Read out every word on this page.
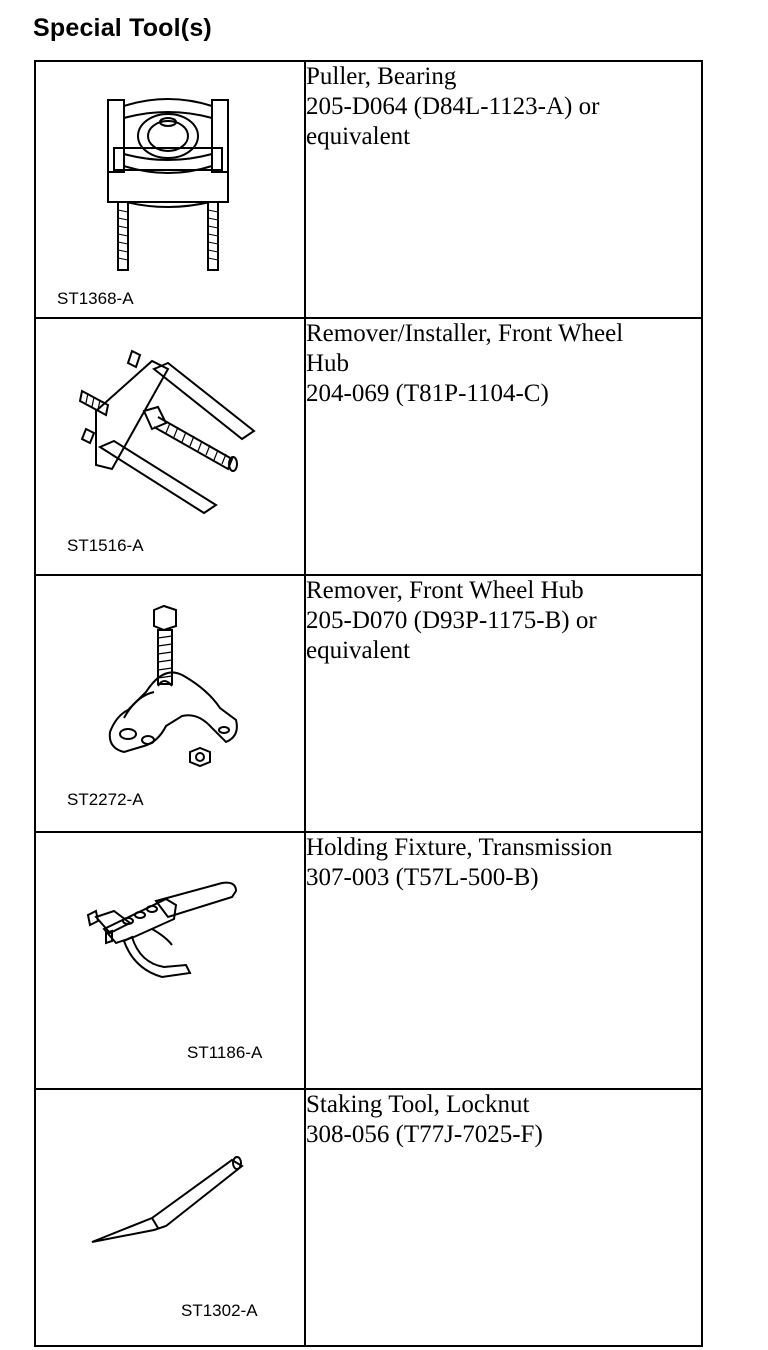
Special Tool(s)
ST1368-A	Puller, Bearing
205-D064 (D84L-1123-A) or
equivalent

ST1516-A	Remover/Installer, Front Wheel
Hub
204-069 (T81P-1104-C)

ST2272-A	Remover, Front Wheel Hub
205-D070 (D93P-1175-B) or
equivalent

ST1186-A	Holding Fixture, Transmission
307-003 (T57L-500-B)

ST1302-A	Staking Tool, Locknut
308-056 (T77J-7025-F)
